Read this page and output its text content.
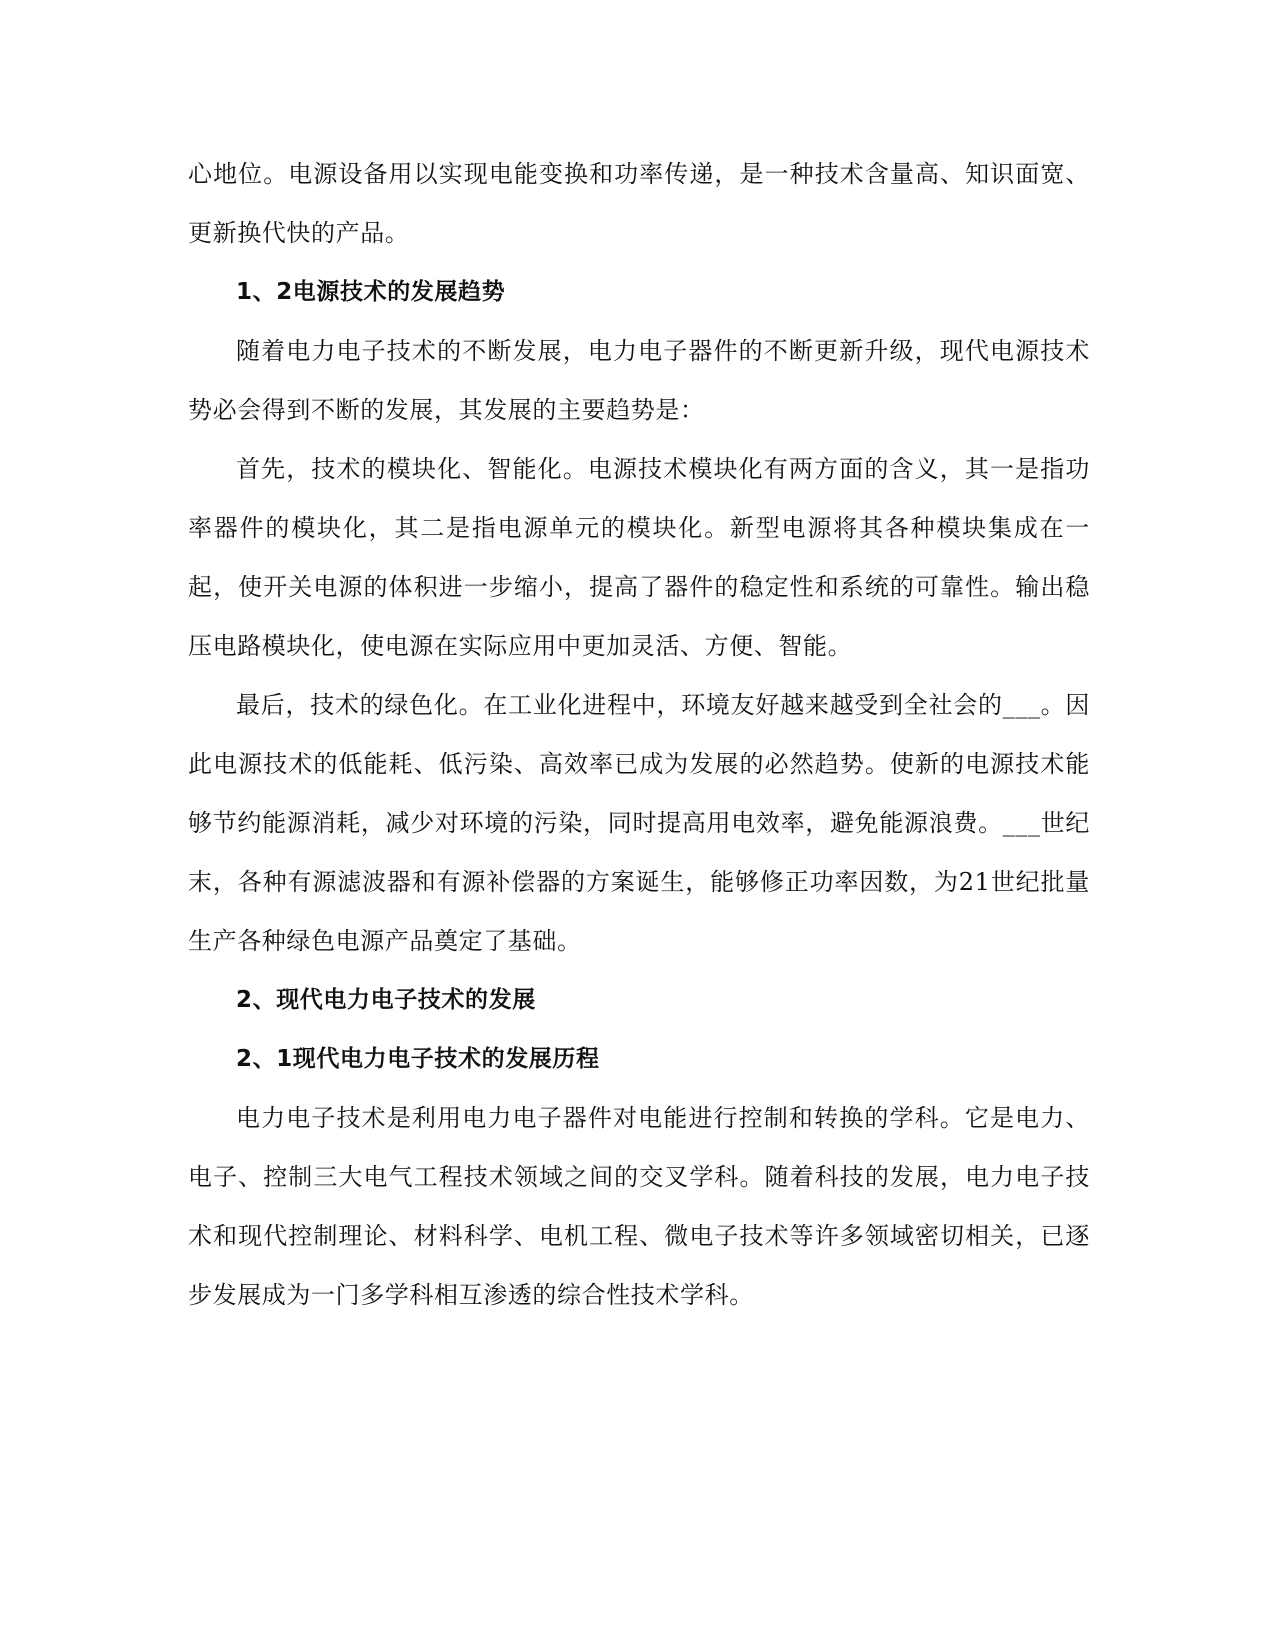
心地位。电源设备用以实现电能变换和功率传递，是一种技术含量高、知识面宽、更新换代快的产品。

1、2电源技术的发展趋势

随着电力电子技术的不断发展，电力电子器件的不断更新升级，现代电源技术势必会得到不断的发展，其发展的主要趋势是：

首先，技术的模块化、智能化。电源技术模块化有两方面的含义，其一是指功率器件的模块化，其二是指电源单元的模块化。新型电源将其各种模块集成在一起，使开关电源的体积进一步缩小，提高了器件的稳定性和系统的可靠性。输出稳压电路模块化，使电源在实际应用中更加灵活、方便、智能。

最后，技术的绿色化。在工业化进程中，环境友好越来越受到全社会的___。因此电源技术的低能耗、低污染、高效率已成为发展的必然趋势。使新的电源技术能够节约能源消耗，减少对环境的污染，同时提高用电效率，避免能源浪费。___世纪末，各种有源滤波器和有源补偿器的方案诞生，能够修正功率因数，为21世纪批量生产各种绿色电源产品奠定了基础。

2、现代电力电子技术的发展

2、1现代电力电子技术的发展历程

电力电子技术是利用电力电子器件对电能进行控制和转换的学科。它是电力、电子、控制三大电气工程技术领域之间的交叉学科。随着科技的发展，电力电子技术和现代控制理论、材料科学、电机工程、微电子技术等许多领域密切相关，已逐步发展成为一门多学科相互渗透的综合性技术学科。
